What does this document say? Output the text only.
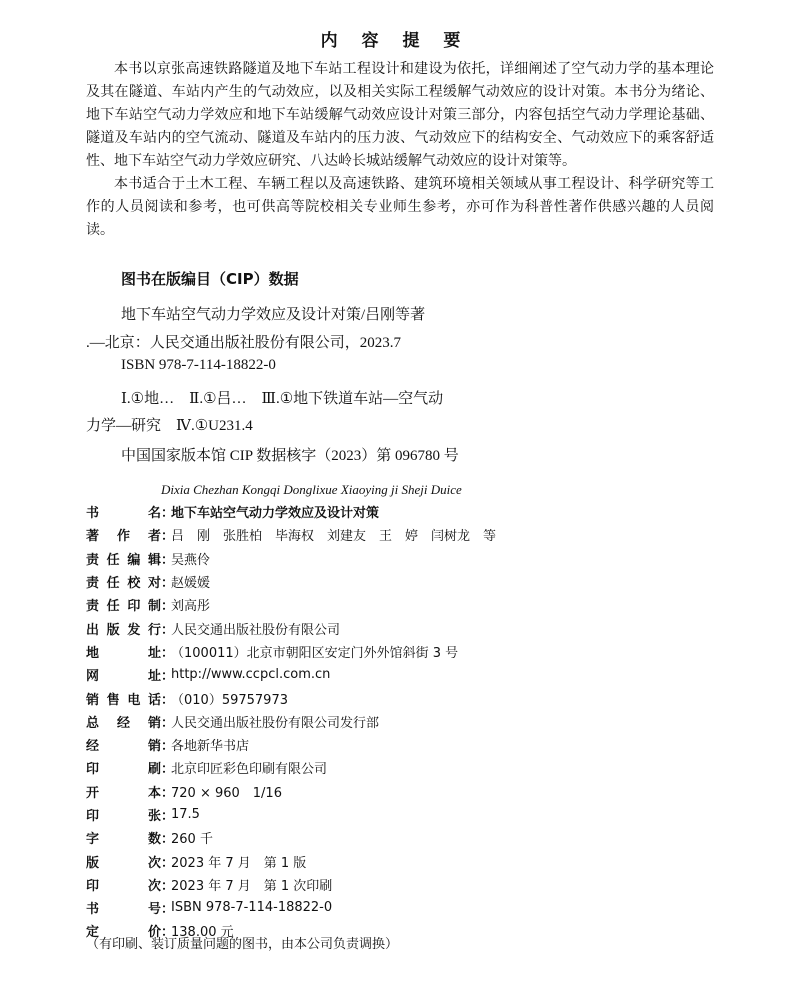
内 容 提 要

本书以京张高速铁路隧道及地下车站工程设计和建设为依托，详细阐述了空气动力学的基本理论及其在隧道、车站内产生的气动效应，以及相关实际工程缓解气动效应的设计对策。本书分为绪论、地下车站空气动力学效应和地下车站缓解气动效应设计对策三部分，内容包括空气动力学理论基础、隧道及车站内的空气流动、隧道及车站内的压力波、气动效应下的结构安全、气动效应下的乘客舒适性、地下车站空气动力学效应研究、八达岭长城站缓解气动效应的设计对策等。

本书适合于土木工程、车辆工程以及高速铁路、建筑环境相关领域从事工程设计、科学研究等工作的人员阅读和参考，也可供高等院校相关专业师生参考，亦可作为科普性著作供感兴趣的人员阅读。

图书在版编目（CIP）数据
地下车站空气动力学效应及设计对策/吕刚等著
.—北京：人民交通出版社股份有限公司，2023.7
ISBN 978-7-114-18822-0
Ⅰ.①地…　Ⅱ.①吕…　Ⅲ.①地下铁道车站—空气动
力学—研究　Ⅳ.①U231.4
中国国家版本馆 CIP 数据核字（2023）第 096780 号
Dixia Chezhan Kongqi Donglixue Xiaoying ji Sheji Duice
书	名 ：
地下车站空气动力学效应及设计对策
著 作 者 ：
吕　刚　张胜柏　毕海权　刘建友　王　婷　闫树龙　等
责 任 编 辑 ：
吴燕伶
责 任 校 对 ：
赵媛媛
责 任 印 制 ：
刘高彤
出 版 发 行 ：
人民交通出版社股份有限公司
地	址 ：
（100011）北京市朝阳区安定门外外馆斜街 3 号
网	址 ：
http://www.ccpcl.com.cn
销 售 电 话 ：
（010）59757973
总 经 销 ：
人民交通出版社股份有限公司发行部
经	销 ：
各地新华书店
印	刷 ：
北京印匠彩色印刷有限公司
开	本 ：
720 × 960　1/16
印	张 ：
17.5
字	数 ：
260 千
版	次 ：
2023 年 7 月　第 1 版
印	次 ：
2023 年 7 月　第 1 次印刷
书	号 ：
ISBN 978-7-114-18822-0
定	价 ：
138.00 元
（有印刷、装订质量问题的图书，由本公司负责调换）
